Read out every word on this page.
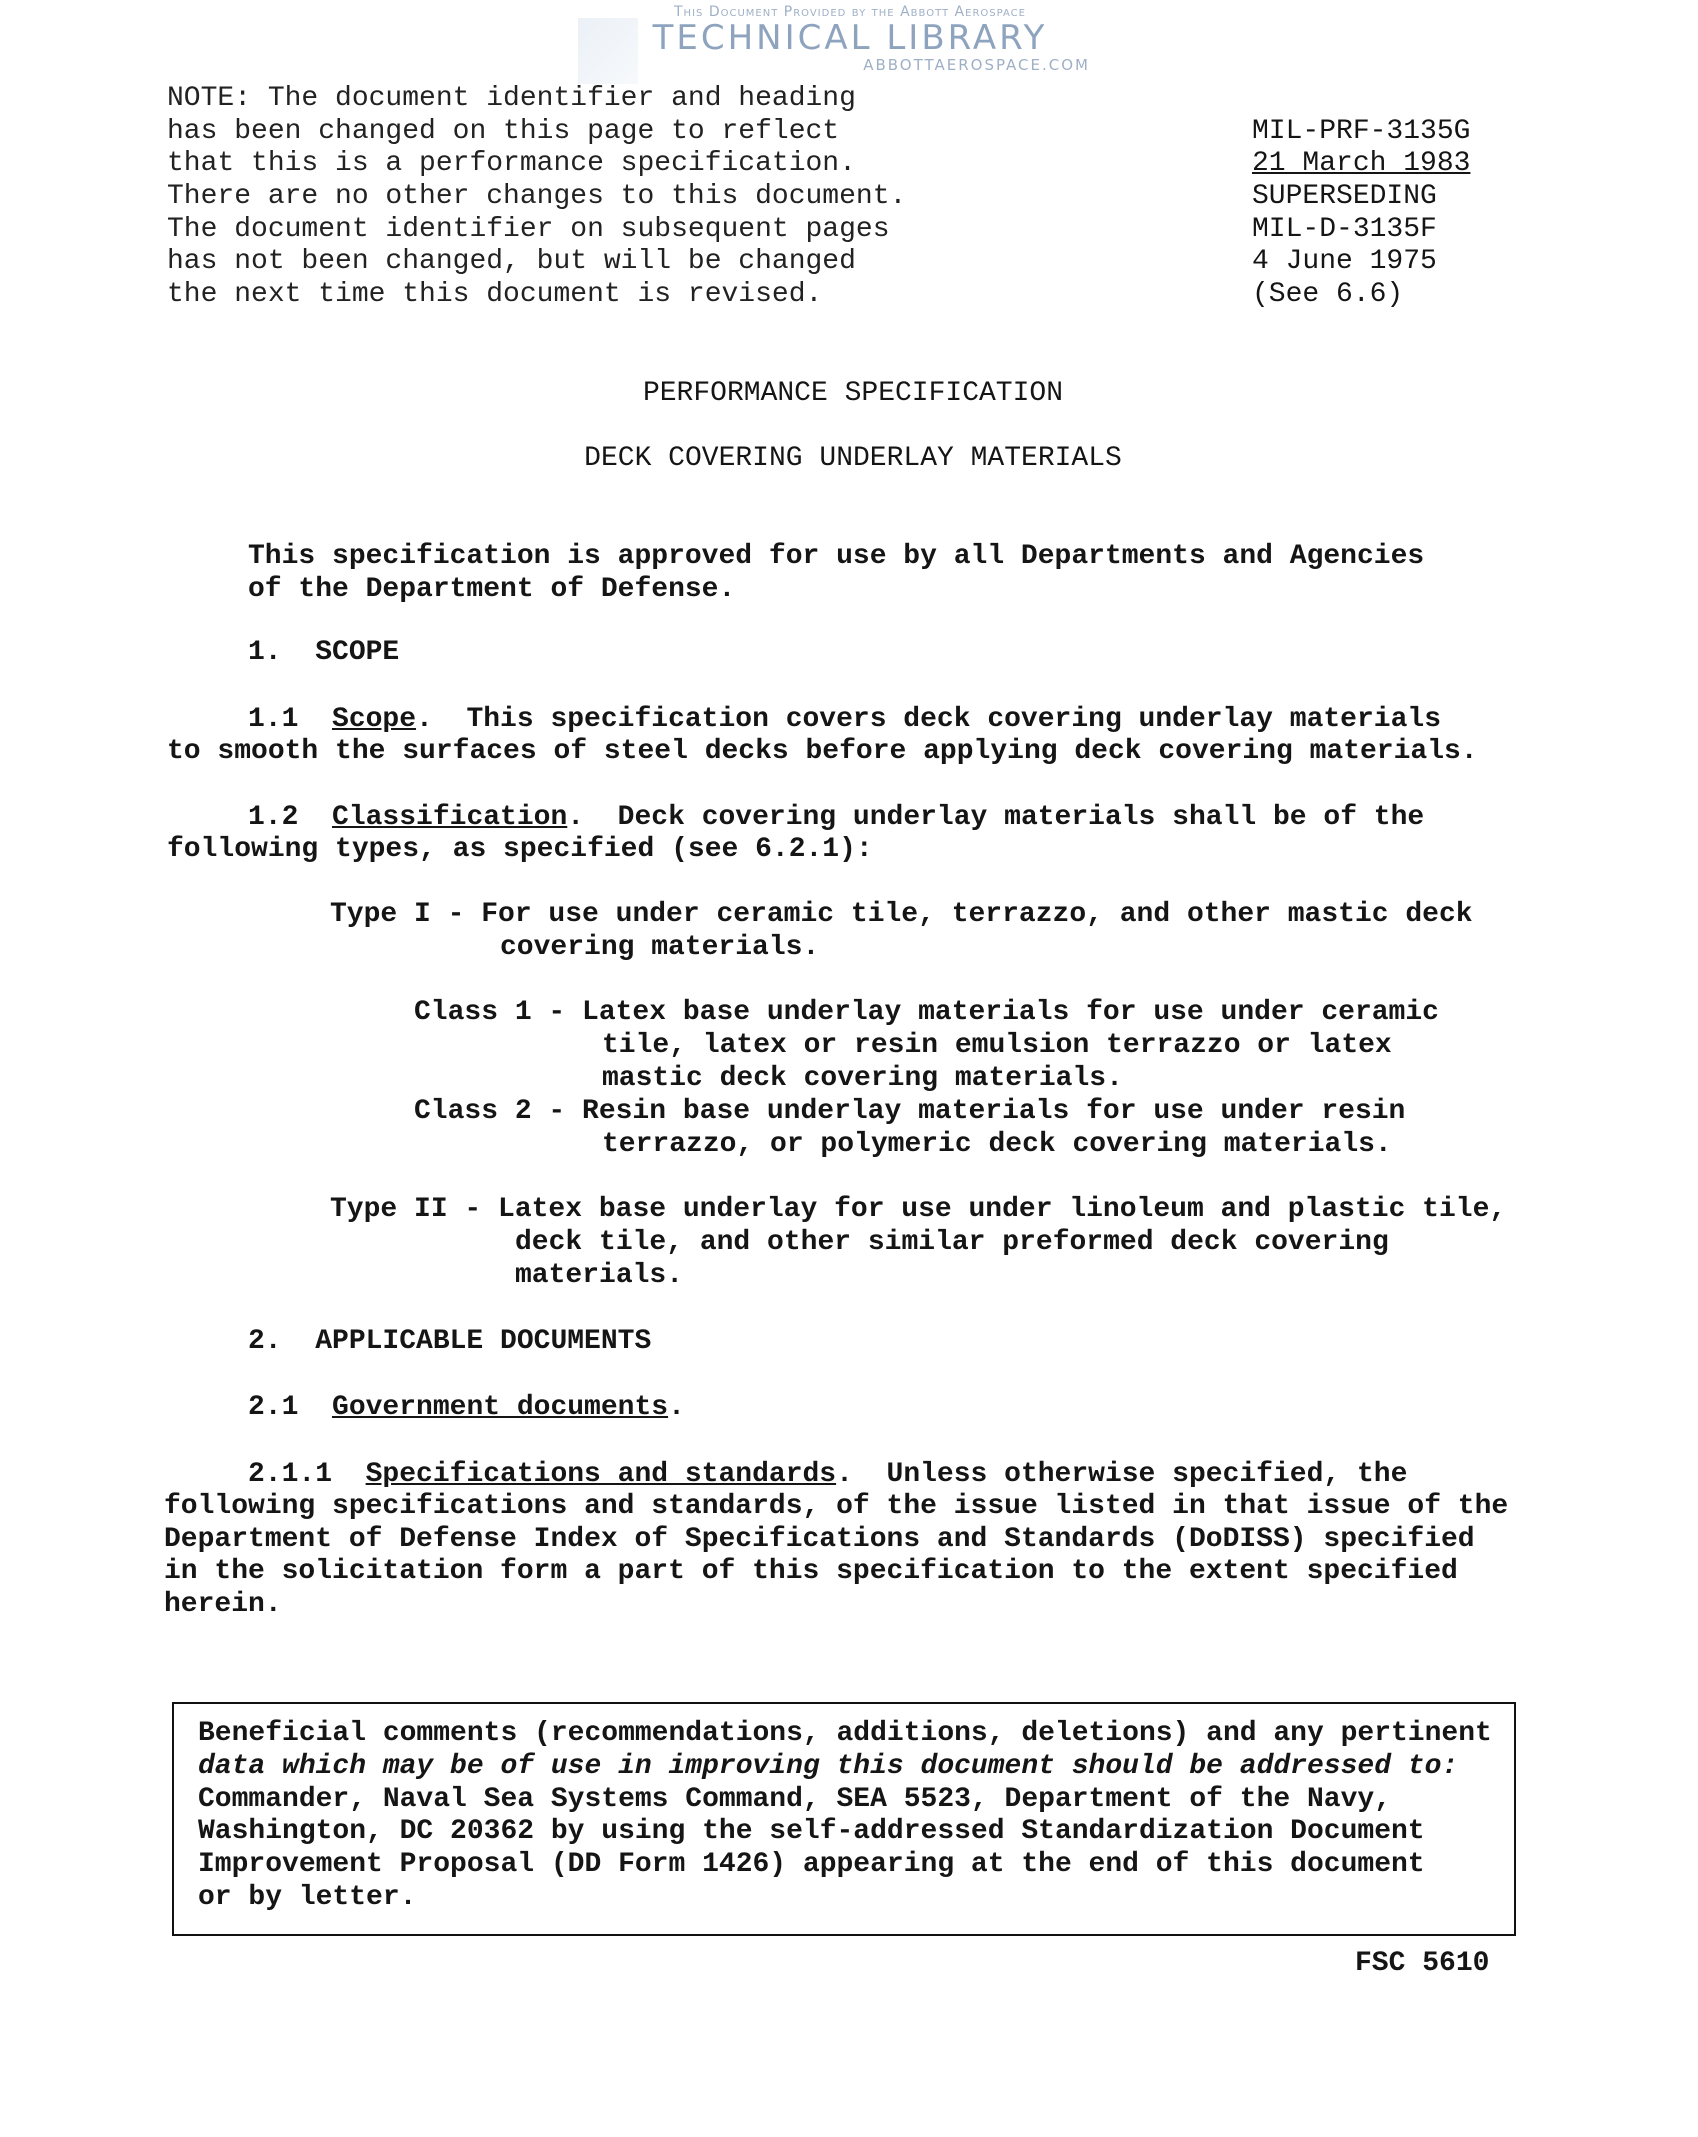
This Document Provided by the Abbott Aerospace
TECHNICAL LIBRARY
ABBOTTAEROSPACE.COM
NOTE: The document identifier and heading
has been changed on this page to reflect
that this is a performance specification.
There are no other changes to this document.
The document identifier on subsequent pages
has not been changed, but will be changed
the next time this document is revised.
MIL-PRF-3135G
21 March 1983
SUPERSEDING
MIL-D-3135F
4 June 1975
(See 6.6)
PERFORMANCE SPECIFICATION
DECK COVERING UNDERLAY MATERIALS
This specification is approved for use by all Departments and Agencies
of the Department of Defense.
1.  SCOPE
1.1  Scope.  This specification covers deck covering underlay materials
to smooth the surfaces of steel decks before applying deck covering materials.
1.2  Classification.  Deck covering underlay materials shall be of the
following types, as specified (see 6.2.1):
Type I - For use under ceramic tile, terrazzo, and other mastic deck
covering materials.
Class 1 - Latex base underlay materials for use under ceramic
tile, latex or resin emulsion terrazzo or latex
mastic deck covering materials.
Class 2 - Resin base underlay materials for use under resin
terrazzo, or polymeric deck covering materials.
Type II - Latex base underlay for use under linoleum and plastic tile,
deck tile, and other similar preformed deck covering
materials.
2.  APPLICABLE DOCUMENTS
2.1  Government documents.
2.1.1  Specifications and standards.  Unless otherwise specified, the
following specifications and standards, of the issue listed in that issue of the
Department of Defense Index of Specifications and Standards (DoDISS) specified
in the solicitation form a part of this specification to the extent specified
herein.
Beneficial comments (recommendations, additions, deletions) and any pertinent
data which may be of use in improving this document should be addressed to:
Commander, Naval Sea Systems Command, SEA 5523, Department of the Navy,
Washington, DC 20362 by using the self-addressed Standardization Document
Improvement Proposal (DD Form 1426) appearing at the end of this document
or by letter.
FSC 5610
